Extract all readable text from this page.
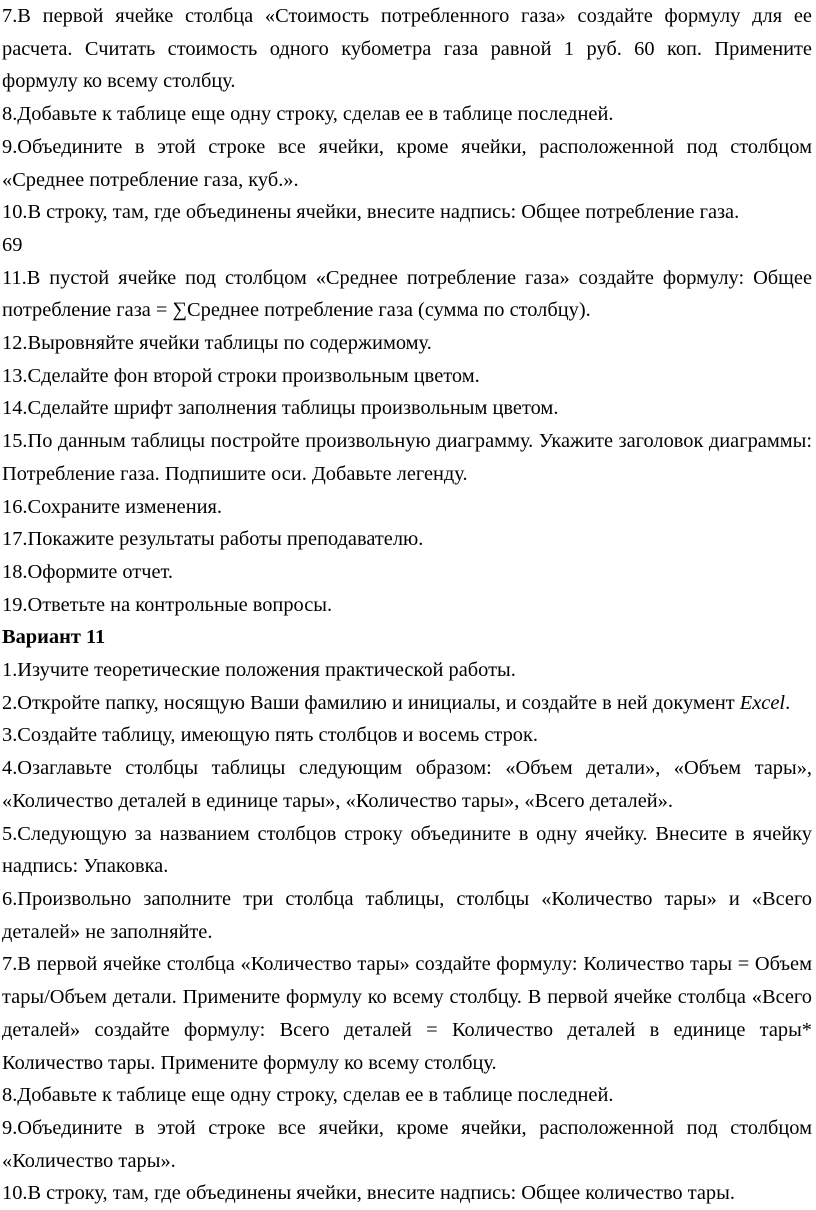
7.В первой ячейке столбца «Стоимость потребленного газа» создайте формулу для ее расчета. Считать стоимость одного кубометра газа равной 1 руб. 60 коп. Примените формулу ко всему столбцу.

8.Добавьте к таблице еще одну строку, сделав ее в таблице последней.

9.Объедините в этой строке все ячейки, кроме ячейки, расположенной под столбцом «Среднее потребление газа, куб.».

10.В строку, там, где объединены ячейки, внесите надпись: Общее потребление газа.

69

11.В пустой ячейке под столбцом «Среднее потребление газа» создайте формулу: Общее потребление газа = ∑Среднее потребление газа (сумма по столбцу).

12.Выровняйте ячейки таблицы по содержимому.

13.Сделайте фон второй строки произвольным цветом.

14.Сделайте шрифт заполнения таблицы произвольным цветом.

15.По данным таблицы постройте произвольную диаграмму. Укажите заголовок диаграммы: Потребление газа. Подпишите оси. Добавьте легенду.

16.Сохраните изменения.

17.Покажите результаты работы преподавателю.

18.Оформите отчет.

19.Ответьте на контрольные вопросы.

Вариант 11

1.Изучите теоретические положения практической работы.

2.Откройте папку, носящую Ваши фамилию и инициалы, и создайте в ней документ Excel.

3.Создайте таблицу, имеющую пять столбцов и восемь строк.

4.Озаглавьте столбцы таблицы следующим образом: «Объем детали», «Объем тары», «Количество деталей в единице тары», «Количество тары», «Всего деталей».

5.Следующую за названием столбцов строку объедините в одну ячейку. Внесите в ячейку надпись: Упаковка.

6.Произвольно заполните три столбца таблицы, столбцы «Количество тары» и «Всего деталей» не заполняйте.

7.В первой ячейке столбца «Количество тары» создайте формулу: Количество тары = Объем тары/Объем детали. Примените формулу ко всему столбцу. В первой ячейке столбца «Всего деталей» создайте формулу: Всего деталей = Количество деталей в единице тары* Количество тары. Примените формулу ко всему столбцу.

8.Добавьте к таблице еще одну строку, сделав ее в таблице последней.

9.Объедините в этой строке все ячейки, кроме ячейки, расположенной под столбцом «Количество тары».

10.В строку, там, где объединены ячейки, внесите надпись: Общее количество тары.
